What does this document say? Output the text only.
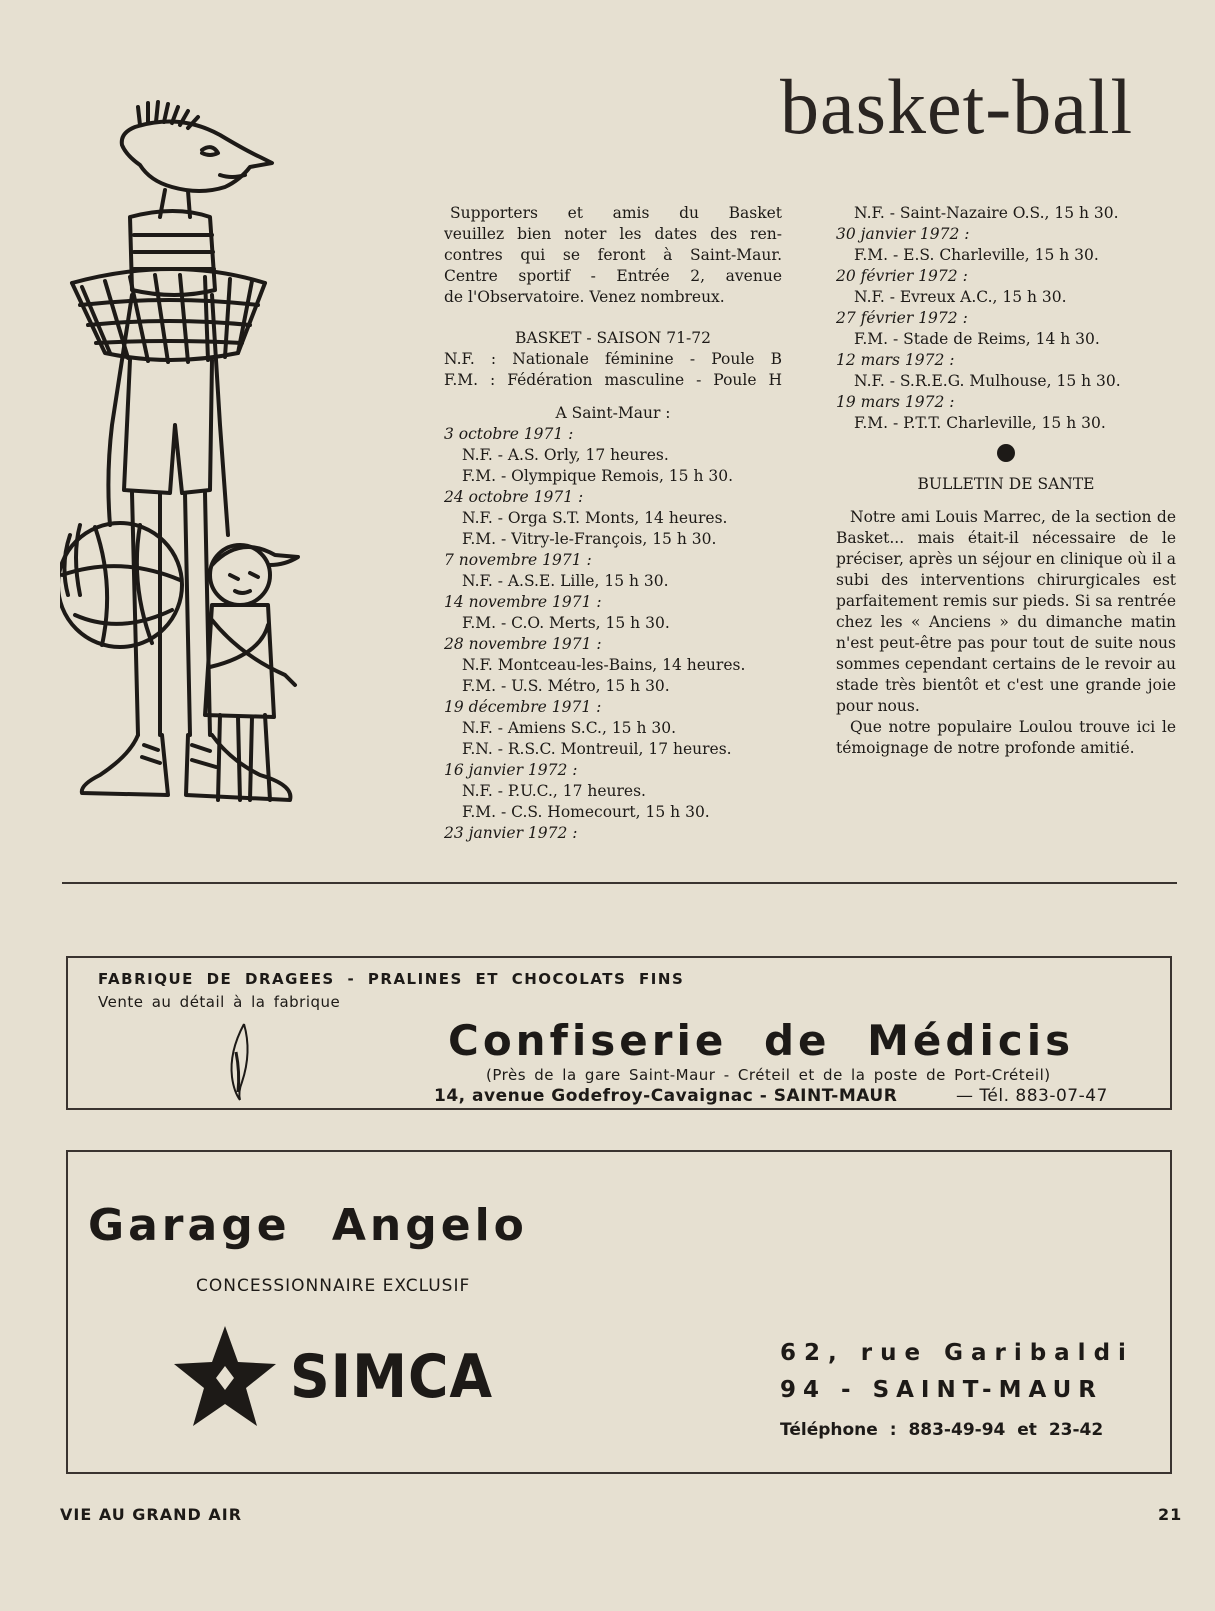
basket-ball
Supporters et amis du Basket
veuillez bien noter les dates des ren-
contres qui se feront à Saint-Maur.
Centre sportif - Entrée 2, avenue
de l'Observatoire. Venez nombreux.
BASKET - SAISON 71-72
N.F. : Nationale féminine - Poule B
F.M. : Fédération masculine - Poule H
A Saint-Maur :
3 octobre 1971 :
N.F. - A.S. Orly, 17 heures.
F.M. - Olympique Remois, 15 h 30.
24 octobre 1971 :
N.F. - Orga S.T. Monts, 14 heures.
F.M. - Vitry-le-François, 15 h 30.
7 novembre 1971 :
N.F. - A.S.E. Lille, 15 h 30.
14 novembre 1971 :
F.M. - C.O. Merts, 15 h 30.
28 novembre 1971 :
N.F. Montceau-les-Bains, 14 heures.
F.M. - U.S. Métro, 15 h 30.
19 décembre 1971 :
N.F. - Amiens S.C., 15 h 30.
F.N. - R.S.C. Montreuil, 17 heures.
16 janvier 1972 :
N.F. - P.U.C., 17 heures.
F.M. - C.S. Homecourt, 15 h 30.
23 janvier 1972 :
N.F. - Saint-Nazaire O.S., 15 h 30.
30 janvier 1972 :
F.M. - E.S. Charleville, 15 h 30.
20 février 1972 :
N.F. - Evreux A.C., 15 h 30.
27 février 1972 :
F.M. - Stade de Reims, 14 h 30.
12 mars 1972 :
N.F. - S.R.E.G. Mulhouse, 15 h 30.
19 mars 1972 :
F.M. - P.T.T. Charleville, 15 h 30.
BULLETIN DE SANTE

Notre ami Louis Marrec, de la section de Basket... mais était-il nécessaire de le préciser, après un séjour en clinique où il a subi des interventions chirurgicales est parfaitement remis sur pieds. Si sa rentrée chez les « Anciens » du dimanche matin n'est peut-être pas pour tout de suite nous sommes cependant certains de le revoir au stade très bientôt et c'est une grande joie pour nous.

Que notre populaire Loulou trouve ici le témoignage de notre profonde amitié.

FABRIQUE DE DRAGEES - PRALINES ET CHOCOLATS FINS
Vente au détail à la fabrique
Confiserie de Médicis
(Près de la gare Saint-Maur - Créteil et de la poste de Port-Créteil)
14, avenue Godefroy-Cavaignac - SAINT-MAUR	— Tél. 883-07-47
Garage Angelo
CONCESSIONNAIRE EXCLUSIF
SIMCA	62, rue Garibaldi
94 - SAINT-MAUR
Téléphone : 883-49-94 et 23-42
VIE AU GRAND AIR	21
